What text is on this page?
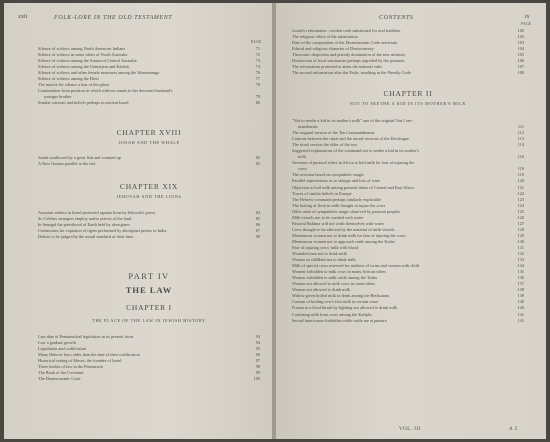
xxii	FOLK-LORE IN THE OLD TESTAMENT
PAGE
Silence of widows among North American Indians	71
Silence of widows in some tribes of North Australia	72
Silence of widows among the Arunta of Central Australia	73
Silence of widows among the Unmatjera and Kaitish	74
Silence of widows and other female mourners among the Warramunga	76
Silence of widows among the Dieri	77
The motive for silence a fear of the ghost	78
Continuation from position in which widows stands to her deceased husband's
younger brother	79
Similar customs and beliefs perhaps in ancient Israel	80
CHAPTER XVIII
JONAH AND THE WHALE
Jonah swallowed by a great fish and vomited up	82
A New Guinea parallel to the tale	83
CHAPTER XIX
JEHOVAH AND THE LIONS
Assyrian settlers in Israel protected against lions by Jehovah's priest	84
So Celebes strangers employ native priests of the land	85
In Senegal the priesthood of Earth held by aborigines	86
Ceremonies for expiation of tigers performed by aboriginal priests in India	87
Deities to be judged by the moral standard of their time	90
PART IV
THE LAW
CHAPTER I
THE PLACE OF THE LAW IN JEWISH HISTORY
Late date of Pentateuchal legislation in its present form	93
Law a gradual growth	94
Legislation and codification	95
Many Hebrew laws older than the date of their codification	96
Historical setting of Moses, the founder of Israel	97
Three bodies of law in the Pentateuch	98
The Book of the Covenant	99
The Deuteronomic Code	100
CONTENTS	ix
PAGE
Josiah's reformation : written code substituted for oral tradition	100
The religious effect of the substitution	102
Date of the composition of the Deuteronomic Code uncertain	103
Ethical and religious character of Deuteronomy	104
Theocratic despotism and priestly domination of the new ministry	105
Destruction of local sanctuaries perhaps regretted by the peasants	106
The reformation protested to attest the national cults	107
The second reformation after the Exile, resulting in the Priestly Code	108
CHAPTER II
NOT TO SEETHE A KID IN ITS MOTHER'S MILK
"Not to seethe a kid in its mother's milk" one of the original Ten Com-
mandments	111
The original version of the Ten Commandments	112
Contrast between the ritual and the moral versions of the Decalogue	113
The ritual version the older of the two	114
Suggested explanations of the command not to seethe a kid in its mother's
milk	116
Aversion of pastoral tribes in Africa to boil milk for fear of injuring the
cows	118
The aversion based on sympathetic magic	119
Parallel superstitions as to vinegar and loss of wine	120
Objection to boil milk among pastoral tribes of Central and East Africa	121
Traces of similar beliefs in Europe	122
The Hebrew command perhaps similarly explicable	123
The boiling of flesh in milk thought to injure the cows	124
Other rules of sympathetic magic observed by pastoral peoples	125
Milk-vessels not to be washed with water	126
Pastoral Bahima will not wash themselves with water	127
Cows thought to be affected by the material of milk-vessels	128
Menstruous women not to drink milk for fear of injuring the cows	129
Menstruous women not to approach cattle among the Kafirs	130
Fear of injuring cows' milk with blood	131
Wounded men not to drink milk	132
Women in childbed not to drink milk	133
Milk of special cows reserved for mothers of twins and women with child	134
Women forbidden to milk cows in many African tribes	135
Women forbidden to milk cattle among the Todas	136
Women not allowed to milk cows in some tribes	137
Women not allowed to drink milk	138
Widow given boiled milk to drink among the Bechuanas	139
Custom of boiling cow's first milk in certain cases	140
Frozen in a lewd thrash by fighting not allowed to drink milk	140
Confusing milk from cows among the Kaliphs	141
Sexual intercourse forbidden while cattle are at pasture	141
VOL. III	A 2
